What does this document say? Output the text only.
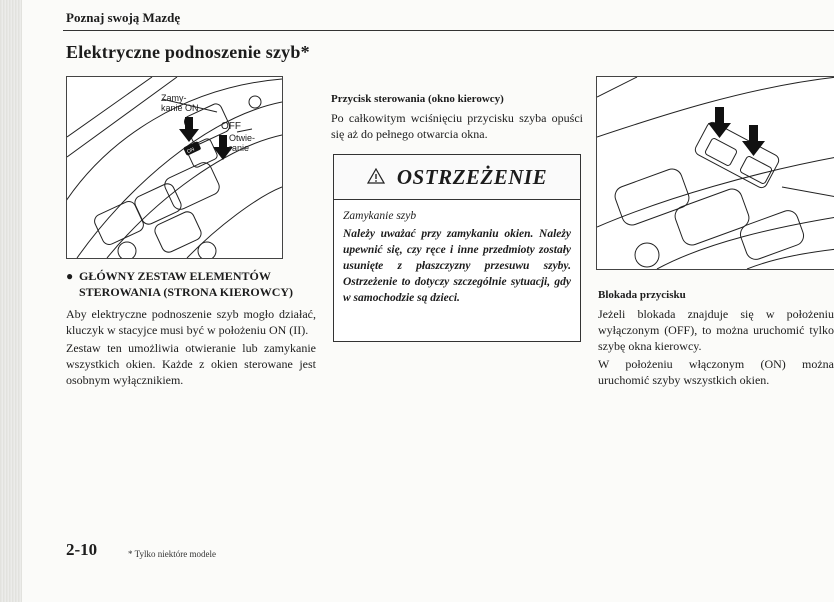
Poznaj swoją Mazdę
Elektryczne podnoszenie szyb*
ON
Zamy-
kanie ON
OFF
Otwie-
ranie
● GŁÓWNY ZESTAW ELEMENTÓW
STEROWANIA (STRONA KIEROWCY)

Aby elektryczne podnoszenie szyb mogło działać, kluczyk w stacyjce musi być w położeniu ON (II).

Zestaw ten umożliwia otwieranie lub zamykanie wszystkich okien. Każde z okien sterowane jest osobnym wyłącznikiem.

Przycisk sterowania (okno kierowcy)

Po całkowitym wciśnięciu przycisku szyba opuści się aż do pełnego otwarcia okna.

OSTRZEŻENIE
Zamykanie szyb

Należy uważać przy zamykaniu okien. Należy upewnić się, czy ręce i inne przedmioty zostały usunięte z płaszczyzny przesuwu szyby. Ostrzeżenie to dotyczy szczególnie sytuacji, gdy w samochodzie są dzieci.	Blokada przycisku

Jeżeli blokada znajduje się w położeniu wyłączonym (OFF), to można uruchomić tylko szybę okna kierowcy.

W położeniu włączonym (ON) można uruchomić szyby wszystkich okien.

2-10	* Tylko niektóre modele
